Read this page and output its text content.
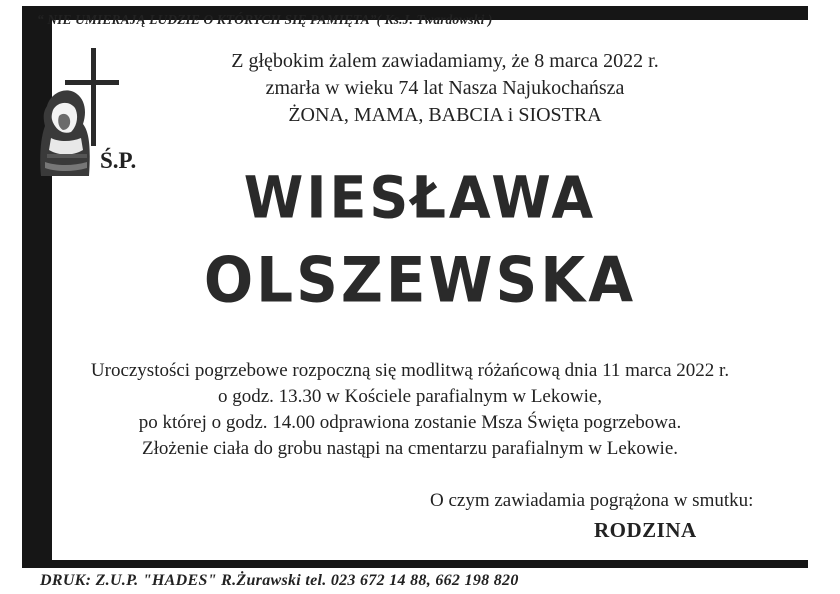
“ NIE UMIERAJĄ LUDZIE O KTÓRYCH SIĘ PAMIĘTA”( Ks.J. Twardowski )
Ś.P.
Z głębokim żalem zawiadamiamy, że 8 marca 2022 r.
zmarła w wieku 74 lat Nasza Najukochańsza
ŻONA, MAMA, BABCIA i SIOSTRA
WIESŁAWA
OLSZEWSKA
Uroczystości pogrzebowe rozpoczną się modlitwą różańcową dnia 11 marca 2022 r.
o godz. 13.30 w Kościele parafialnym w Lekowie,
po której o godz. 14.00 odprawiona zostanie Msza Święta pogrzebowa.
Złożenie ciała do grobu nastąpi na cmentarzu parafialnym w Lekowie.
O czym zawiadamia pogrążona w smutku:
RODZINA
DRUK: Z.U.P. "HADES" R.Żurawski tel. 023 672 14 88, 662 198 820
